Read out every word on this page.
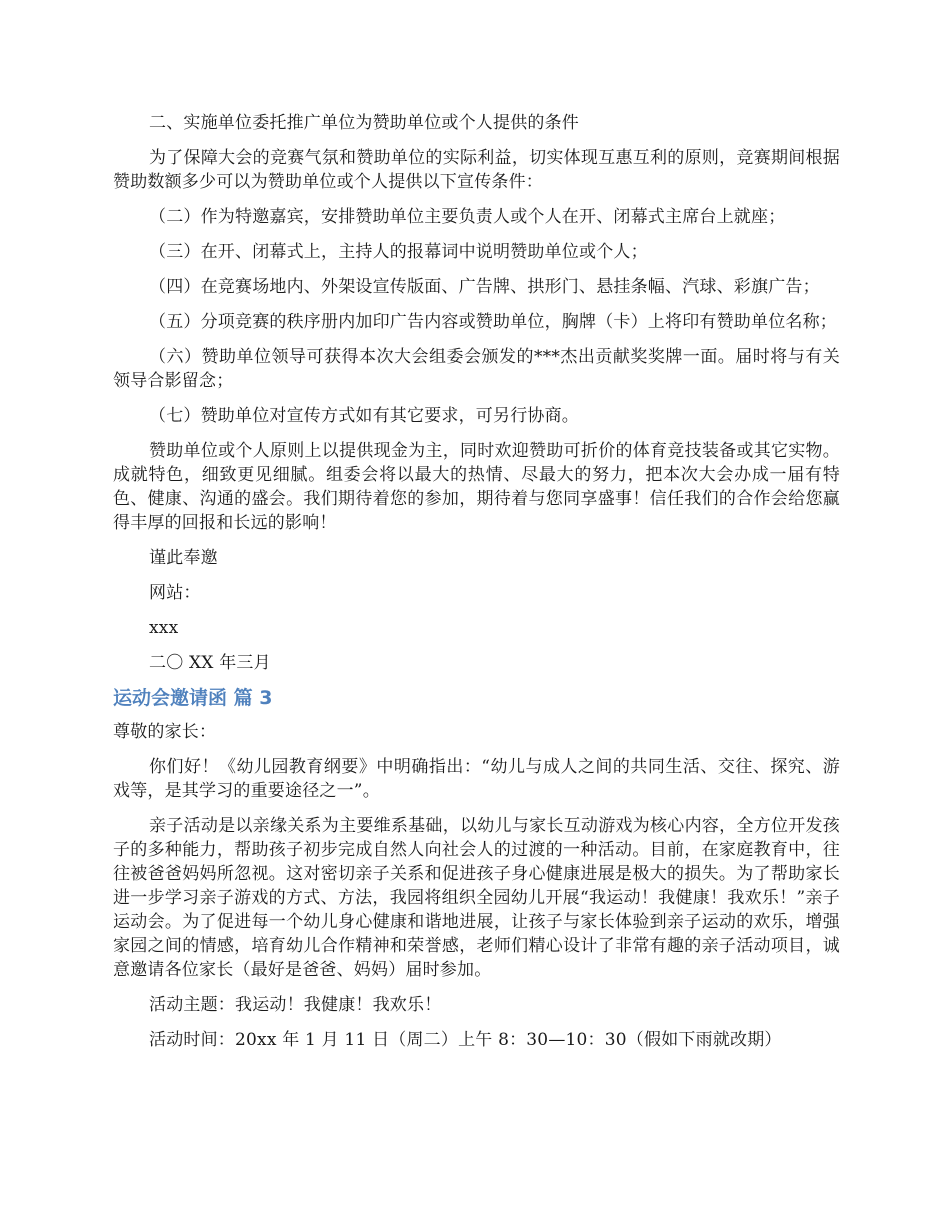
二、实施单位委托推广单位为赞助单位或个人提供的条件

为了保障大会的竞赛气氛和赞助单位的实际利益，切实体现互惠互利的原则，竞赛期间根据赞助数额多少可以为赞助单位或个人提供以下宣传条件：

（二）作为特邀嘉宾，安排赞助单位主要负责人或个人在开、闭幕式主席台上就座；

（三）在开、闭幕式上，主持人的报幕词中说明赞助单位或个人；

（四）在竞赛场地内、外架设宣传版面、广告牌、拱形门、悬挂条幅、汽球、彩旗广告；

（五）分项竞赛的秩序册内加印广告内容或赞助单位，胸牌（卡）上将印有赞助单位名称；

（六）赞助单位领导可获得本次大会组委会颁发的***杰出贡献奖奖牌一面。届时将与有关领导合影留念；

（七）赞助单位对宣传方式如有其它要求，可另行协商。

赞助单位或个人原则上以提供现金为主，同时欢迎赞助可折价的体育竞技装备或其它实物。成就特色，细致更见细腻。组委会将以最大的热情、尽最大的努力，把本次大会办成一届有特色、健康、沟通的盛会。我们期待着您的参加，期待着与您同享盛事！信任我们的合作会给您赢得丰厚的回报和长远的影响！

谨此奉邀

网站：

xxx

二〇 XX 年三月

运动会邀请函 篇 3

尊敬的家长：

你们好！《幼儿园教育纲要》中明确指出：“幼儿与成人之间的共同生活、交往、探究、游戏等，是其学习的重要途径之一”。

亲子活动是以亲缘关系为主要维系基础，以幼儿与家长互动游戏为核心内容，全方位开发孩子的多种能力，帮助孩子初步完成自然人向社会人的过渡的一种活动。目前，在家庭教育中，往往被爸爸妈妈所忽视。这对密切亲子关系和促进孩子身心健康进展是极大的损失。为了帮助家长进一步学习亲子游戏的方式、方法，我园将组织全园幼儿开展“我运动！我健康！我欢乐！”亲子运动会。为了促进每一个幼儿身心健康和谐地进展，让孩子与家长体验到亲子运动的欢乐，增强家园之间的情感，培育幼儿合作精神和荣誉感，老师们精心设计了非常有趣的亲子活动项目，诚意邀请各位家长（最好是爸爸、妈妈）届时参加。

活动主题：我运动！我健康！我欢乐！

活动时间：20xx 年 1 月 11 日（周二）上午 8：30—10：30（假如下雨就改期）
